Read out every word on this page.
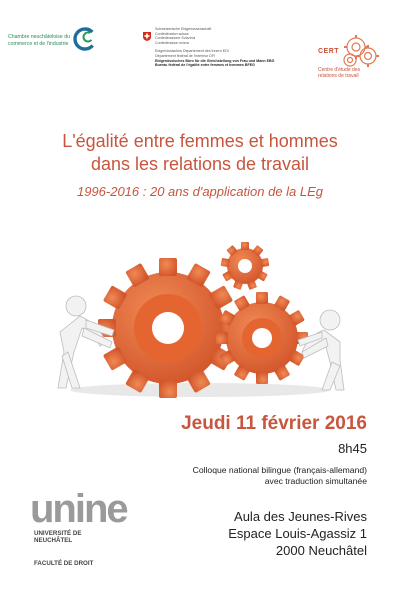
Chambre neuchâteloise du
commerce et de l'industrie
Schweizerische Eidgenossenschaft
Confédération suisse
Confederazione Svizzera
Confederaziun svizra
Eidgenössisches Departement des Innern EDI
Département fédéral de l'intérieur DFI
Eidgenössisches Büro für die Gleichstellung von Frau und Mann EBG
Bureau fédéral de l'égalité entre femmes et hommes BFEG
CERT
Centre d'étude des relations de travail
L'égalité entre femmes et hommes
dans les relations de travail
1996-2016 : 20 ans d'application de la LEg
Jeudi 11 février 2016
8h45
Colloque national bilingue (français-allemand)
avec traduction simultanée
Aula des Jeunes-Rives
Espace Louis-Agassiz 1
2000 Neuchâtel
unine
UNIVERSITÉ DE
NEUCHÂTEL
FACULTÉ DE DROIT
